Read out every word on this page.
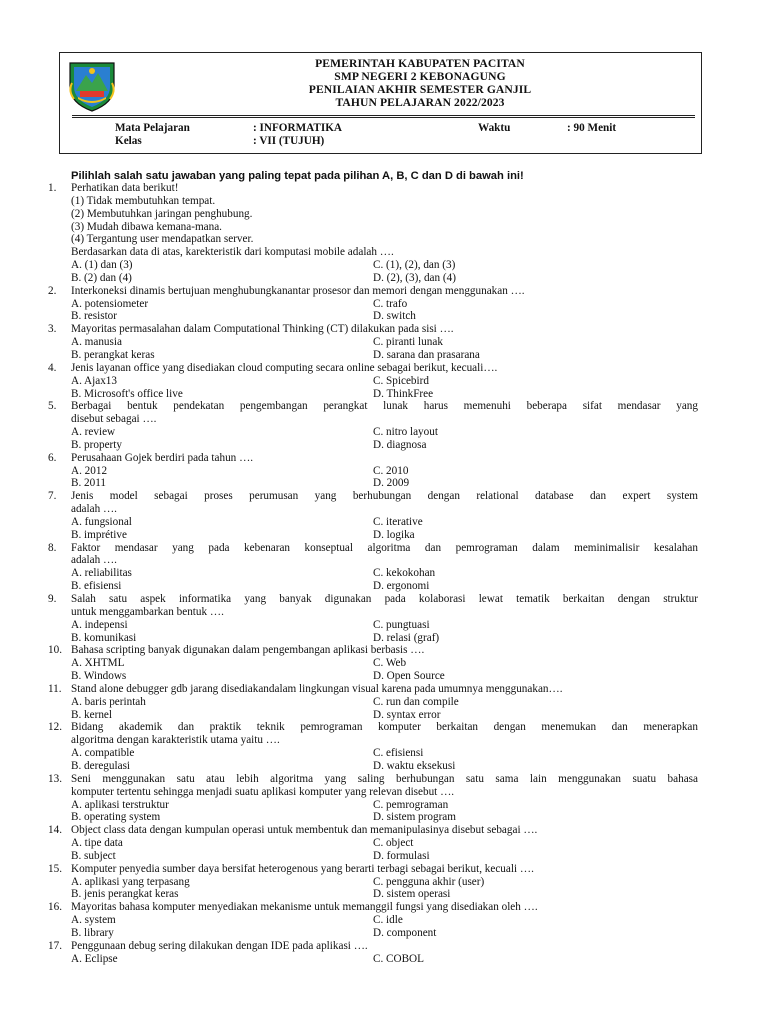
PEMERINTAH KABUPATEN PACITAN
SMP NEGERI 2 KEBONAGUNG
PENILAIAN AKHIR SEMESTER GANJIL
TAHUN PELAJARAN 2022/2023
Mata Pelajaran	: INFORMATIKA	Waktu	: 90 Menit
Kelas	: VII (TUJUH)
Pilihlah salah satu jawaban yang paling tepat pada pilihan A, B, C dan D di bawah ini!
1.	Perhatikan data berikut!
(1) Tidak membutuhkan tempat.
(2) Membutuhkan jaringan penghubung.
(3) Mudah dibawa kemana-mana.
(4) Tergantung user mendapatkan server.
Berdasarkan data di atas, karekteristik dari komputasi mobile adalah ….
A. (1) dan (3)	C. (1), (2), dan (3)
B. (2) dan (4)	D. (2), (3), dan (4)
2.	Interkoneksi dinamis bertujuan menghubungkanantar prosesor dan memori dengan menggunakan ….
A. potensiometer	C. trafo
B. resistor	D. switch
3.	Mayoritas permasalahan dalam Computational Thinking (CT) dilakukan pada sisi ….
A. manusia	C. piranti lunak
B. perangkat keras	D. sarana dan prasarana
4.	Jenis layanan office yang disediakan cloud computing secara online sebagai berikut, kecuali….
A. Ajax13	C. Spicebird
B. Microsoft's office live	D. ThinkFree
5.	Berbagai bentuk pendekatan pengembangan perangkat lunak harus memenuhi beberapa sifat mendasar yang
disebut sebagai ….
A. review	C. nitro layout
B. property	D. diagnosa
6.	Perusahaan Gojek berdiri pada tahun ….
A. 2012	C. 2010
B. 2011	D. 2009
7.	Jenis model sebagai proses perumusan yang berhubungan dengan relational database dan expert system
adalah ….
A. fungsional	C. iterative
B. imprétive	D. logika
8.	Faktor mendasar yang pada kebenaran konseptual algoritma dan pemrograman dalam meminimalisir kesalahan
adalah ….
A. reliabilitas	C. kekokohan
B. efisiensi	D. ergonomi
9.	Salah satu aspek informatika yang banyak digunakan pada kolaborasi lewat tematik berkaitan dengan struktur
untuk menggambarkan bentuk ….
A. indepensi	C. pungtuasi
B. komunikasi	D. relasi (graf)
10. Bahasa scripting banyak digunakan dalam pengembangan aplikasi berbasis ….
A. XHTML	C. Web
B. Windows	D. Open Source
11. Stand alone debugger gdb jarang disediakandalam lingkungan visual karena pada umumnya menggunakan….
A. baris perintah	C. run dan compile
B. kernel	D. syntax error
12. Bidang akademik dan praktik teknik pemrograman komputer berkaitan dengan menemukan dan menerapkan
algoritma dengan karakteristik utama yaitu ….
A. compatible	C. efisiensi
B. deregulasi	D. waktu eksekusi
13. Seni menggunakan satu atau lebih algoritma yang saling berhubungan satu sama lain menggunakan suatu bahasa
komputer tertentu sehingga menjadi suatu aplikasi komputer yang relevan disebut ….
A. aplikasi terstruktur	C. pemrograman
B. operating system	D. sistem program
14. Object class data dengan kumpulan operasi untuk membentuk dan memanipulasinya disebut sebagai ….
A. tipe data	C. object
B. subject	D. formulasi
15. Komputer penyedia sumber daya bersifat heterogenous yang berarti terbagi sebagai berikut, kecuali ….
A. aplikasi yang terpasang	C. pengguna akhir (user)
B. jenis perangkat keras	D. sistem operasi
16. Mayoritas bahasa komputer menyediakan mekanisme untuk memanggil fungsi yang disediakan oleh ….
A. system	C. idle
B. library	D. component
17. Penggunaan debug sering dilakukan dengan IDE pada aplikasi ….
A. Eclipse	C. COBOL
